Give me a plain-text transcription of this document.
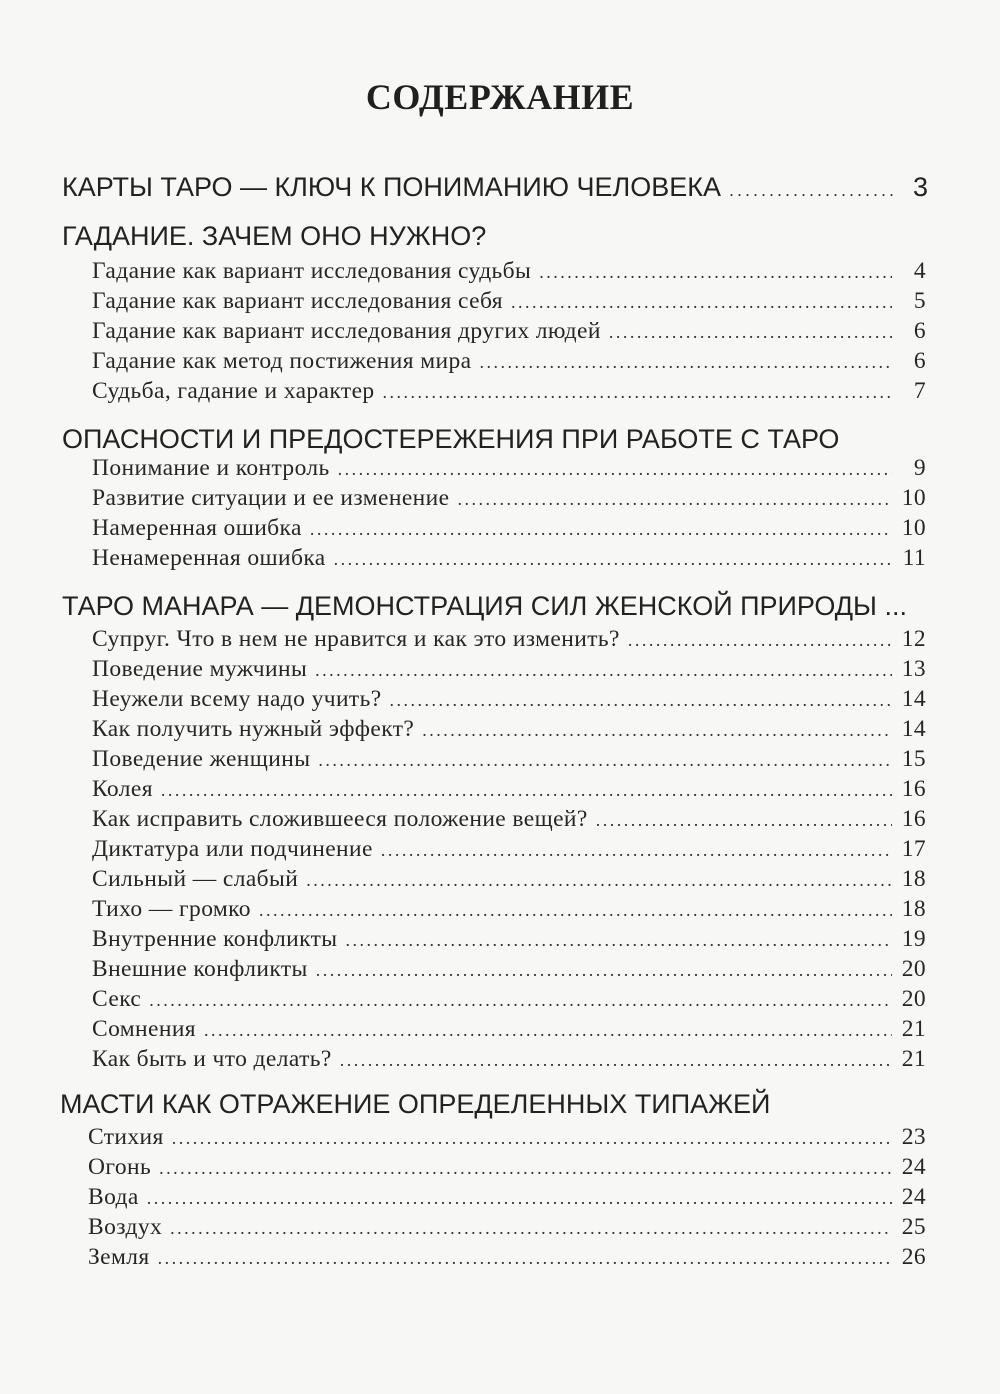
СОДЕРЖАНИЕ
КАРТЫ ТАРО — КЛЮЧ К ПОНИМАНИЮ ЧЕЛОВЕКА . . .	3
ГАДАНИЕ. ЗАЧЕМ ОНО НУЖНО?
Гадание как вариант исследования судьбы . . .	4
Гадание как вариант исследования себя . . .	5
Гадание как вариант исследования других людей . . .	6
Гадание как метод постижения мира . . .	6
Судьба, гадание и характер . . .	7
ОПАСНОСТИ И ПРЕДОСТЕРЕЖЕНИЯ ПРИ РАБОТЕ С ТАРО
Понимание и контроль . . .	9
Развитие ситуации и ее изменение . . .	10
Намеренная ошибка . . .	10
Ненамеренная ошибка . . .	11
ТАРО МАНАРА — ДЕМОНСТРАЦИЯ СИЛ ЖЕНСКОЙ ПРИРОДЫ ...
Супруг. Что в нем не нравится и как это изменить? . . .	12
Поведение мужчины . . .	13
Неужели всему надо учить? . . .	14
Как получить нужный эффект? . . .	14
Поведение женщины . . .	15
Колея . . .	16
Как исправить сложившееся положение вещей? . . .	16
Диктатура или подчинение . . .	17
Сильный — слабый . . .	18
Тихо — громко . . .	18
Внутренние конфликты . . .	19
Внешние конфликты . . .	20
Секс . . .	20
Сомнения . . .	21
Как быть и что делать? . . .	21
МАСТИ КАК ОТРАЖЕНИЕ ОПРЕДЕЛЕННЫХ ТИПАЖЕЙ
Стихия . . .	23
Огонь . . .	24
Вода . . .	24
Воздух . . .	25
Земля . . .	26
